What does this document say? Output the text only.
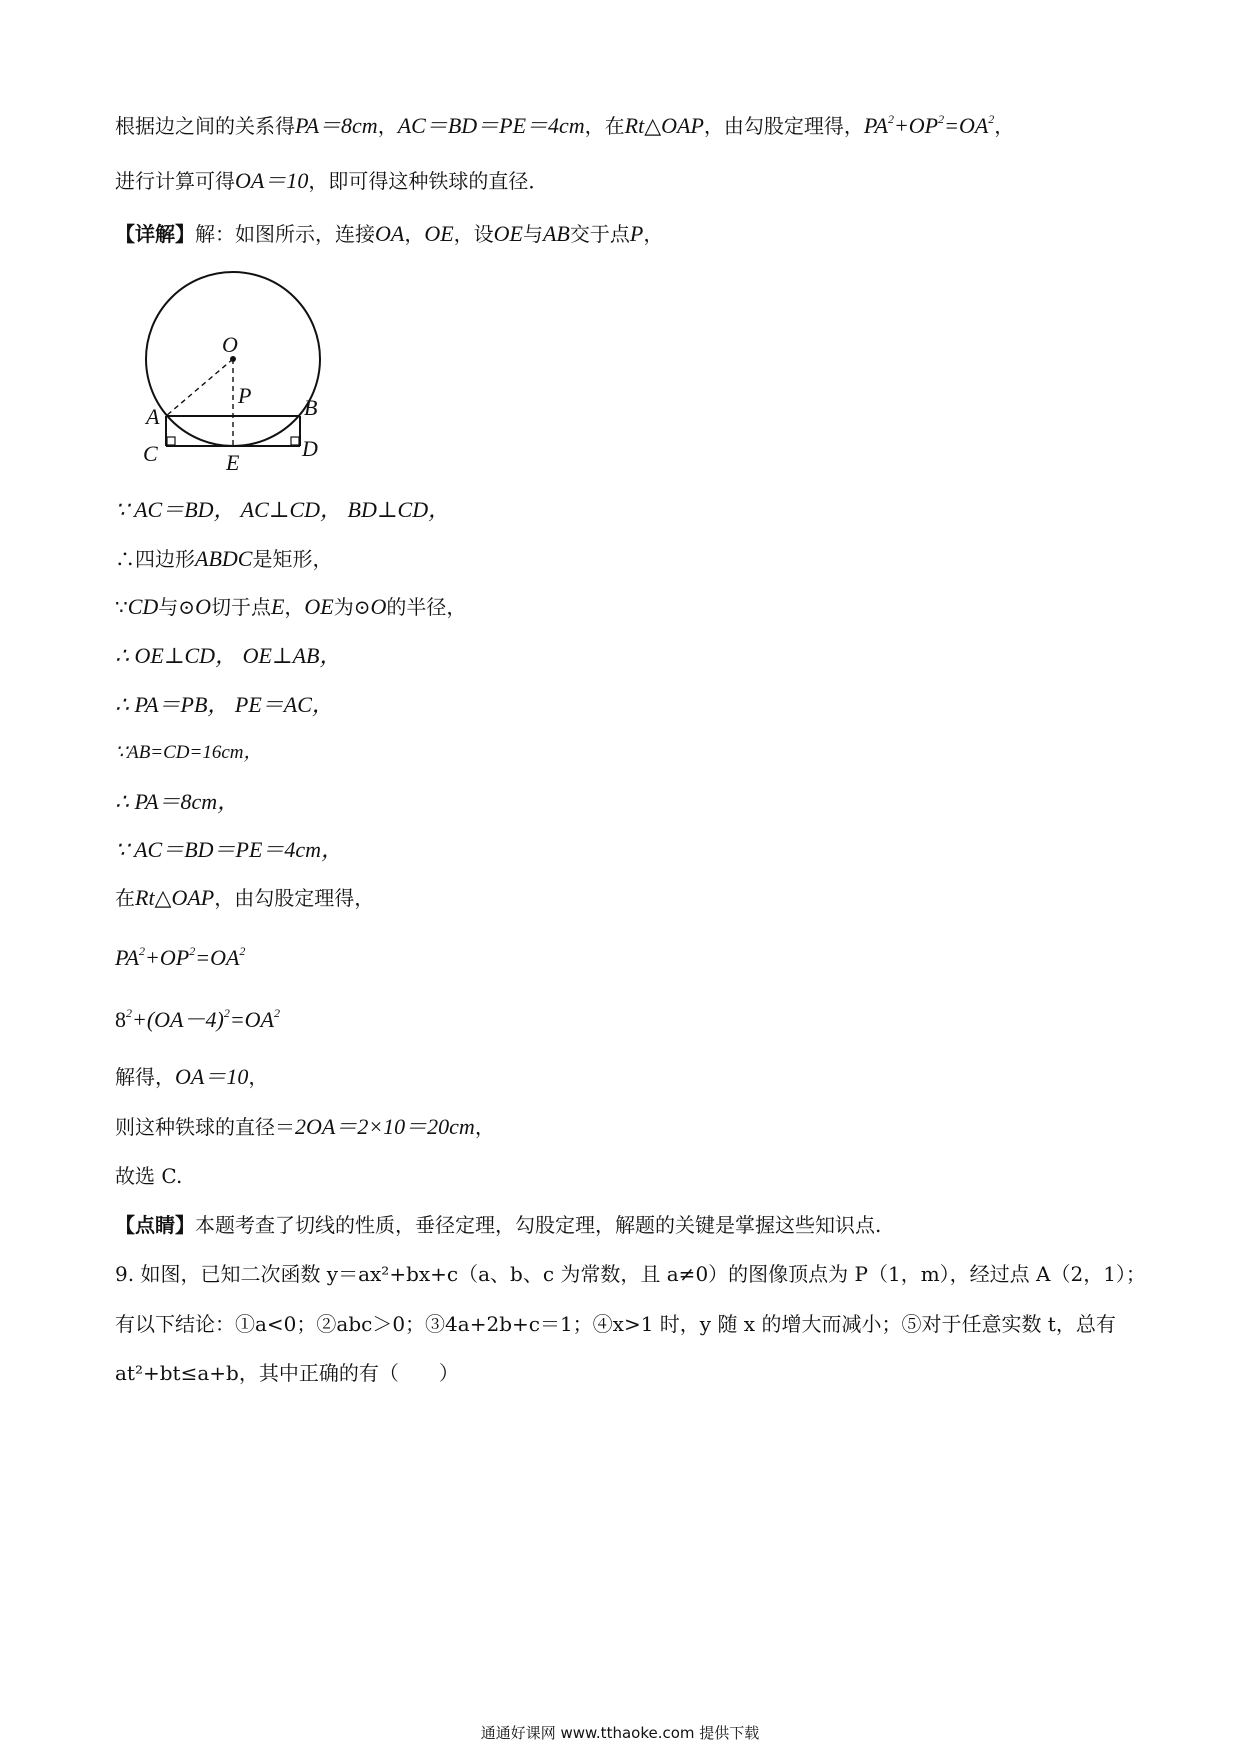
根据边之间的关系得PA＝8cm，AC＝BD＝PE＝4cm，在Rt△OAP，由勾股定理得，$PA^2+OP^2=OA^2$，
进行计算可得OA＝10，即可得这种铁球的直径．
【详解】解：如图所示，连接OA，OE，设OE与AB交于点P，
O
P
A	B
C	D
E
∵ AC＝BD， AC⊥CD， BD⊥CD，
∴四边形ABDC是矩形，
∵CD与⊙O切于点E，OE为⊙O的半径，
∴ OE⊥CD， OE⊥AB，
∴ PA＝PB， PE＝AC，
∵AB=CD=16cm，
∴ PA＝8cm，
∵ AC＝BD＝PE＝4cm，
在Rt△OAP，由勾股定理得，
$PA^2+OP^2=OA^2$
$8^2+(OA-4)^2=OA^2$
解得，OA＝10，
则这种铁球的直径＝2OA＝2×10＝20cm，
故选 C.
【点睛】本题考查了切线的性质，垂径定理，勾股定理，解题的关键是掌握这些知识点.
9. 如图，已知二次函数 y＝ax²+bx+c（a、b、c 为常数，且 a≠0）的图像顶点为 P（1，m），经过点 A（2，1）；
有以下结论：①a<0；②abc＞0；③4a+2b+c＝1；④x>1 时，y 随 x 的增大而减小；⑤对于任意实数 t，总有
at²+bt≤a+b，其中正确的有（　　）
通通好课网 www.tthaoke.com 提供下载
